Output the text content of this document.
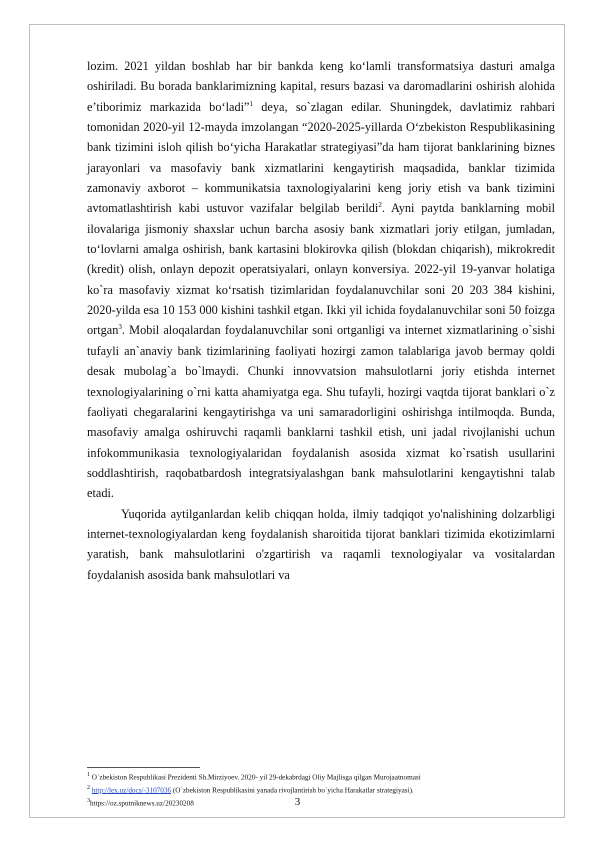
lozim. 2021 yildan boshlab har bir bankda keng ko‘lamli transformatsiya dasturi amalga oshiriladi. Bu borada banklarimizning kapital, resurs bazasi va daromadlarini oshirish alohida e’tiborimiz markazida bo‘ladi”$^1$ deya, so`zlagan edilar. Shuningdek, davlatimiz rahbari tomonidan 2020-yil 12-mayda imzolangan “2020-2025-yillarda O‘zbekiston Respublikasining bank tizimini isloh qilish bo‘yicha Harakatlar strategiyasi”da ham tijorat banklarining biznes jarayonlari va masofaviy bank xizmatlarini kengaytirish maqsadida, banklar tizimida zamonaviy axborot – kommunikatsia taxnologiyalarini keng joriy etish va bank tizimini avtomatlashtirish kabi ustuvor vazifalar belgilab berildi$^2$. Ayni paytda banklarning mobil ilovalariga jismoniy shaxslar uchun barcha asosiy bank xizmatlari joriy etilgan, jumladan, to‘lovlarni amalga oshirish, bank kartasini blokirovka qilish (blokdan chiqarish), mikrokredit (kredit) olish, onlayn depozit operatsiyalari, onlayn konversiya. 2022-yil 19-yanvar holatiga ko`ra masofaviy xizmat ko‘rsatish tizimlaridan foydalanuvchilar soni 20 203 384 kishini, 2020-yilda esa 10 153 000 kishini tashkil etgan. Ikki yil ichida foydalanuvchilar soni 50 foizga ortgan$^3$. Mobil aloqalardan foydalanuvchilar soni ortganligi va internet xizmatlarining o`sishi tufayli an`anaviy bank tizimlarining faoliyati hozirgi zamon talablariga javob bermay qoldi desak mubolag`a bo`lmaydi. Chunki innovvatsion mahsulotlarni joriy etishda internet texnologiyalarining o`rni katta ahamiyatga ega. Shu tufayli, hozirgi vaqtda tijorat banklari o`z faoliyati chegaralarini kengaytirishga va uni samaradorligini oshirishga intilmoqda. Bunda, masofaviy amalga oshiruvchi raqamli banklarni tashkil etish, uni jadal rivojlanishi uchun infokommunikasia texnologiyalaridan foydalanish asosida xizmat ko`rsatish usullarini soddlashtirish, raqobatbardosh integratsiyalashgan bank mahsulotlarini kengaytishni talab etadi.

Yuqorida aytilganlardan kelib chiqqan holda, ilmiy tadqiqot yo'nalishining dolzarbligi internet-texnologiyalardan keng foydalanish sharoitida tijorat banklari tizimida ekotizimlarni yaratish, bank mahsulotlarini o'zgartirish va raqamli texnologiyalar va vositalardan foydalanish asosida bank mahsulotlari va

$^1$ O`zbekiston Respublikasi Prezidenti Sh.Mirziyoev. 2020- yil 29-dekabrdagi Oliy Majlisga qilgan Murojaatnomasi
$^2$ http://lex.uz/docs/-3107036 (O`zbekiston Respublikasini yanada rivojlantirish bo`yicha Harakatlar strategiyasi).
$^3$https://oz.sputniknews.uz/20230208	3
